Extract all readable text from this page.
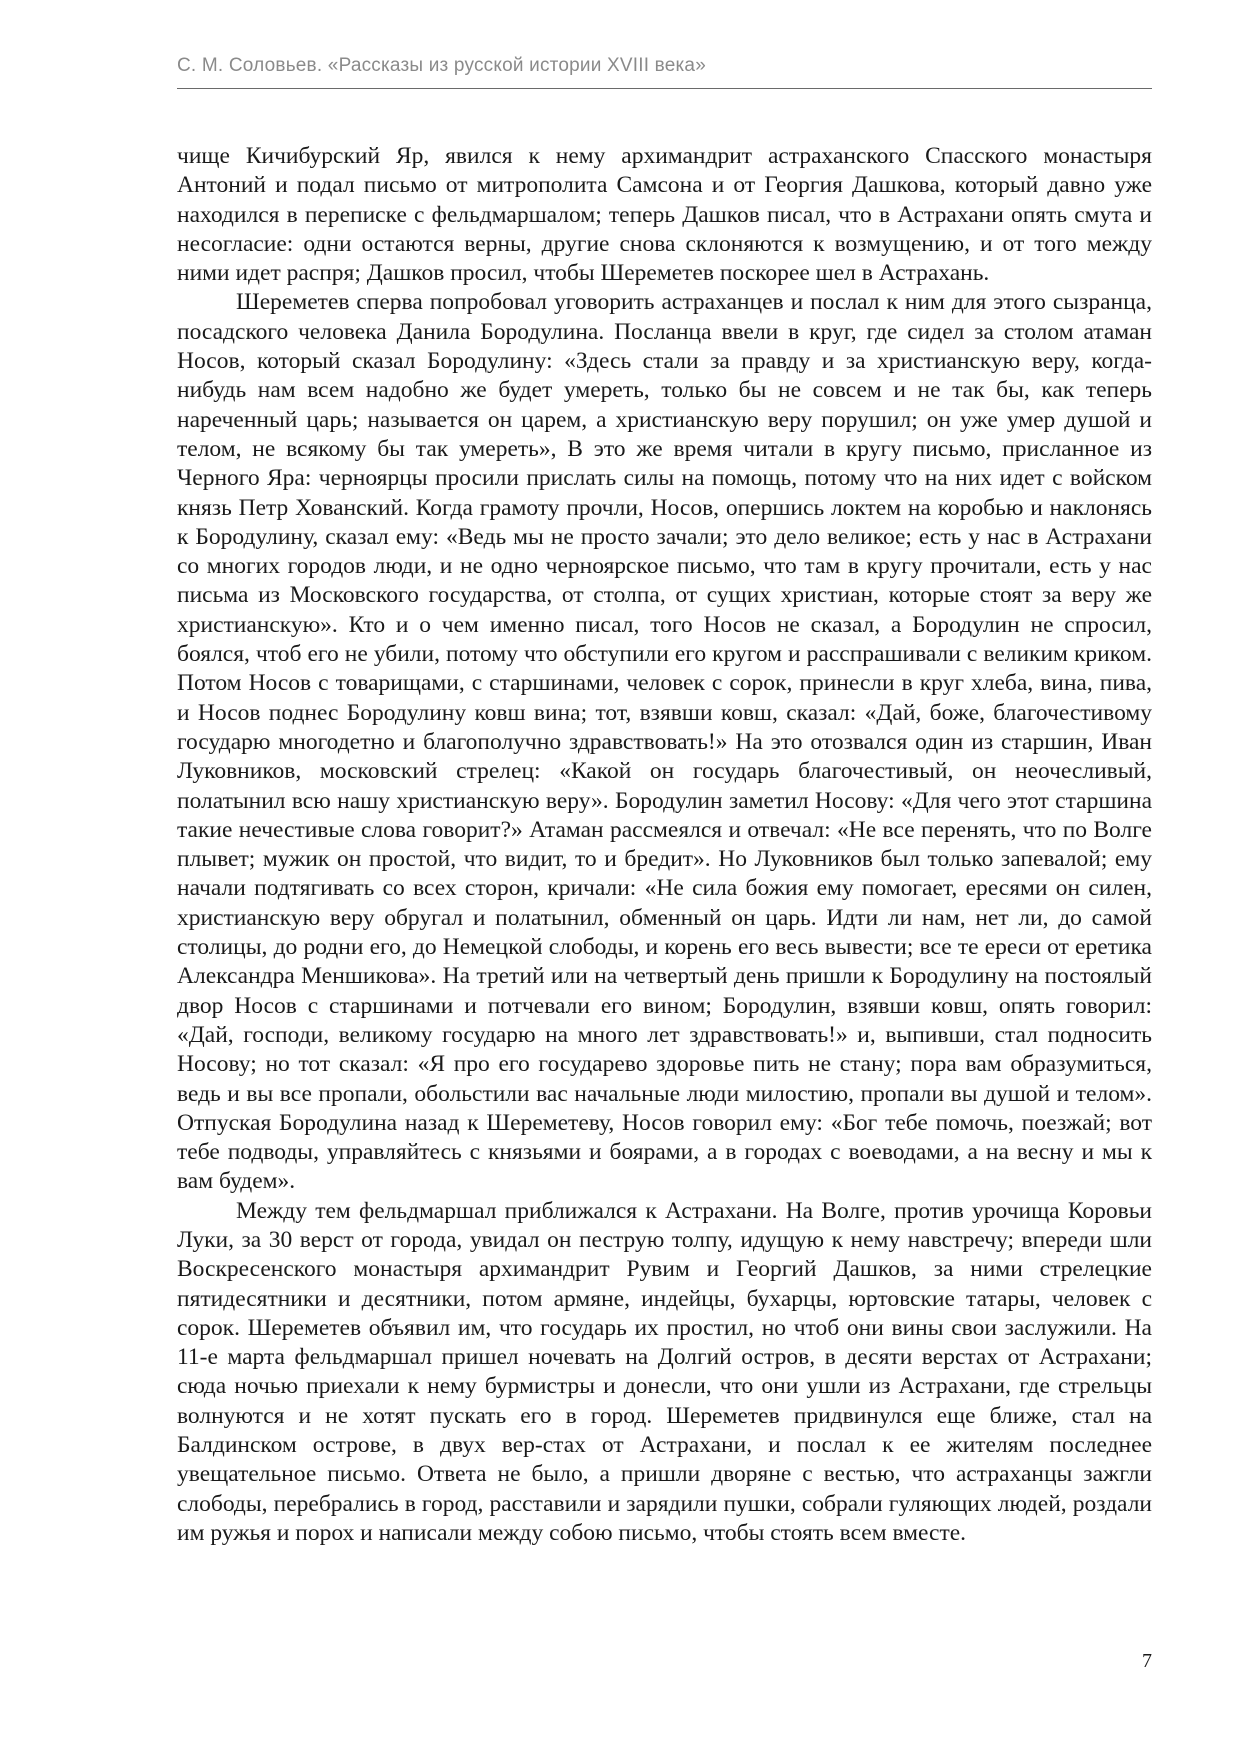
С. М. Соловьев. «Рассказы из русской истории XVIII века»

чище Кичибурский Яр, явился к нему архимандрит астраханского Спасского монастыря Антоний и подал письмо от митрополита Самсона и от Георгия Дашкова, который давно уже находился в переписке с фельдмаршалом; теперь Дашков писал, что в Астрахани опять смута и несогласие: одни остаются верны, другие снова склоняются к возмущению, и от того между ними идет распря; Дашков просил, чтобы Шереметев поскорее шел в Астрахань.

Шереметев сперва попробовал уговорить астраханцев и послал к ним для этого сызранца, посадского человека Данила Бородулина. Посланца ввели в круг, где сидел за столом атаман Носов, который сказал Бородулину: «Здесь стали за правду и за христианскую веру, когда-нибудь нам всем надобно же будет умереть, только бы не совсем и не так бы, как теперь нареченный царь; называется он царем, а христианскую веру порушил; он уже умер душой и телом, не всякому бы так умереть», В это же время читали в кругу письмо, присланное из Черного Яра: черноярцы просили прислать силы на помощь, потому что на них идет с войском князь Петр Хованский. Когда грамоту прочли, Носов, опершись локтем на коробью и наклонясь к Бородулину, сказал ему: «Ведь мы не просто зачали; это дело великое; есть у нас в Астрахани со многих городов люди, и не одно черноярское письмо, что там в кругу прочитали, есть у нас письма из Московского государства, от столпа, от сущих христиан, которые стоят за веру же христианскую». Кто и о чем именно писал, того Носов не сказал, а Бородулин не спросил, боялся, чтоб его не убили, потому что обступили его кругом и расспрашивали с великим криком. Потом Носов с товарищами, с старшинами, человек с сорок, принесли в круг хлеба, вина, пива, и Носов поднес Бородулину ковш вина; тот, взявши ковш, сказал: «Дай, боже, благочестивому государю многодетно и благополучно здравствовать!» На это отозвался один из старшин, Иван Луковников, московский стрелец: «Какой он государь благочестивый, он неочесливый, полатынил всю нашу христианскую веру». Бородулин заметил Носову: «Для чего этот старшина такие нечестивые слова говорит?» Атаман рассмеялся и отвечал: «Не все перенять, что по Волге плывет; мужик он простой, что видит, то и бредит». Но Луковников был только запевалой; ему начали подтягивать со всех сторон, кричали: «Не сила божия ему помогает, ересями он силен, христианскую веру обругал и полатынил, обменный он царь. Идти ли нам, нет ли, до самой столицы, до родни его, до Немецкой слободы, и корень его весь вывести; все те ереси от еретика Александра Меншикова». На третий или на четвертый день пришли к Бородулину на постоялый двор Носов с старшинами и потчевали его вином; Бородулин, взявши ковш, опять говорил: «Дай, господи, великому государю на много лет здравствовать!» и, выпивши, стал подносить Носову; но тот сказал: «Я про его государево здоровье пить не стану; пора вам образумиться, ведь и вы все пропали, обольстили вас начальные люди милостию, пропали вы душой и телом». Отпуская Бородулина назад к Шереметеву, Носов говорил ему: «Бог тебе помочь, поезжай; вот тебе подводы, управляйтесь с князьями и боярами, а в городах с воеводами, а на весну и мы к вам будем».

Между тем фельдмаршал приближался к Астрахани. На Волге, против урочища Коровьи Луки, за 30 верст от города, увидал он пеструю толпу, идущую к нему навстречу; впереди шли Воскресенского монастыря архимандрит Рувим и Георгий Дашков, за ними стрелецкие пятидесятники и десятники, потом армяне, индейцы, бухарцы, юртовские татары, человек с сорок. Шереметев объявил им, что государь их простил, но чтоб они вины свои заслужили. На 11-е марта фельдмаршал пришел ночевать на Долгий остров, в десяти верстах от Астрахани; сюда ночью приехали к нему бурмистры и донесли, что они ушли из Астрахани, где стрельцы волнуются и не хотят пускать его в город. Шереметев придвинулся еще ближе, стал на Балдинском острове, в двух вер-стах от Астрахани, и послал к ее жителям последнее увещательное письмо. Ответа не было, а пришли дворяне с вестью, что астраханцы зажгли слободы, перебрались в город, расставили и зарядили пушки, собрали гуляющих людей, роздали им ружья и порох и написали между собою письмо, чтобы стоять всем вместе.

7
